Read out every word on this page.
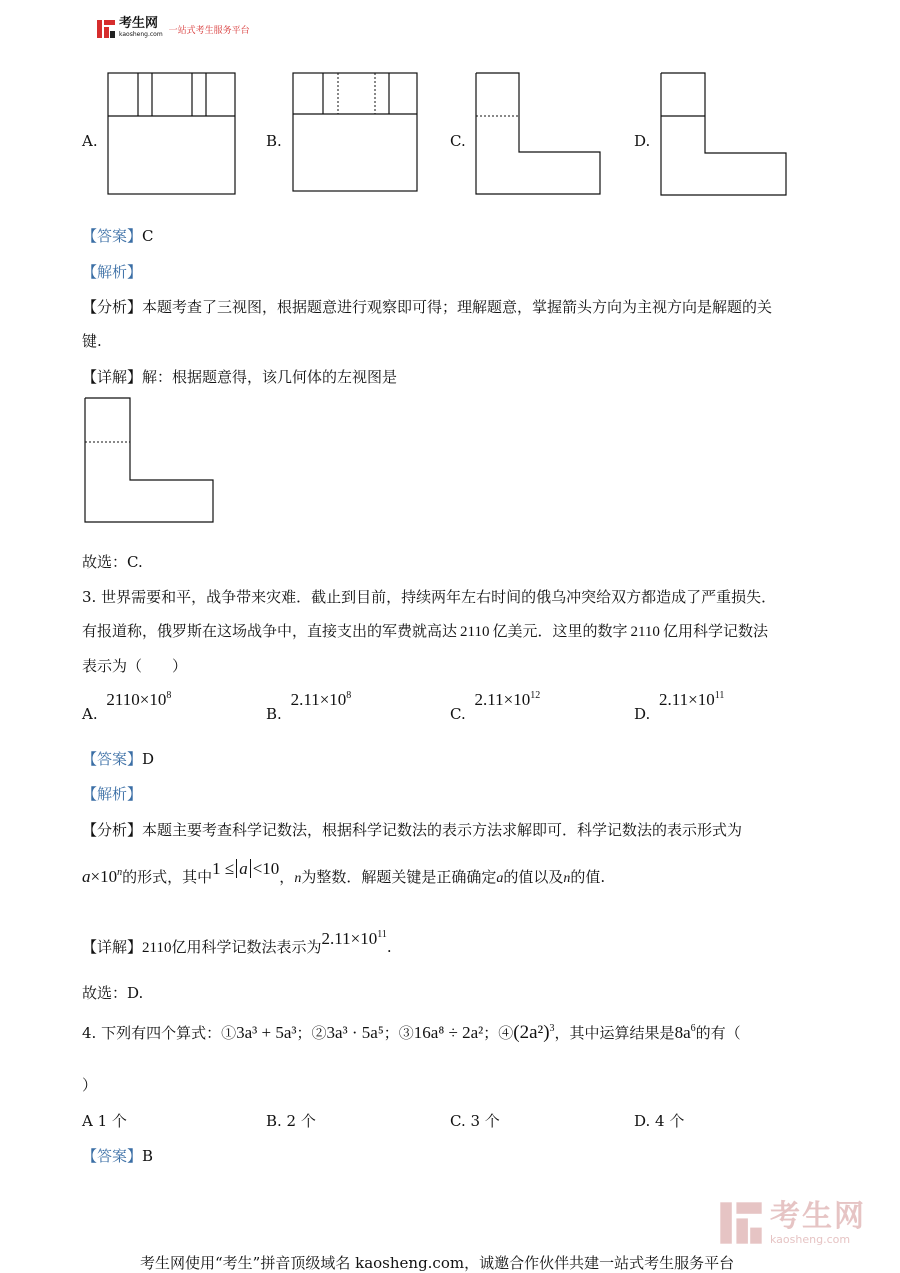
考生网
kaosheng.com 一站式考生服务平台
A.	B.	C.	D.
【答案】C
【解析】
【分析】本题考查了三视图，根据题意进行观察即可得；理解题意，掌握箭头方向为主视方向是解题的关
键.
【详解】解：根据题意得，该几何体的左视图是
故选：C.
3. 世界需要和平，战争带来灾难．截止到目前，持续两年左右时间的俄乌冲突给双方都造成了严重损失．
有报道称，俄罗斯在这场战争中，直接支出的军费就高达 2110 亿美元．这里的数字 2110 亿用科学记数法
表示为（　　）
A. $2110\times 10^8$
B. $2.11\times 10^8$
C. $2.11\times 10^{12}$
D. $2.11\times 10^{11}$
【答案】D
【解析】
【分析】本题主要考查科学记数法，根据科学记数法的表示方法求解即可．科学记数法的表示形式为
$a\times 10^n$的形式，其中1 ≤ a <10，n为整数．解题关键是正确确定a的值以及n的值.
【详解】2110亿用科学记数法表示为$2.11\times 10^{11}$.
故选：D.
4. 下列有四个算式：①3a³ + 5a³；②3a³ · 5a⁵；③16a⁸ ÷ 2a²；$④(2a^2)^3$，其中运算结果是$8a^6$的有（
）
A 1 个	B. 2 个	C. 3 个	D. 4 个
【答案】B
考生网
kaosheng.com
考生网使用“考生”拼音顶级域名 kaosheng.com，诚邀合作伙伴共建一站式考生服务平台
